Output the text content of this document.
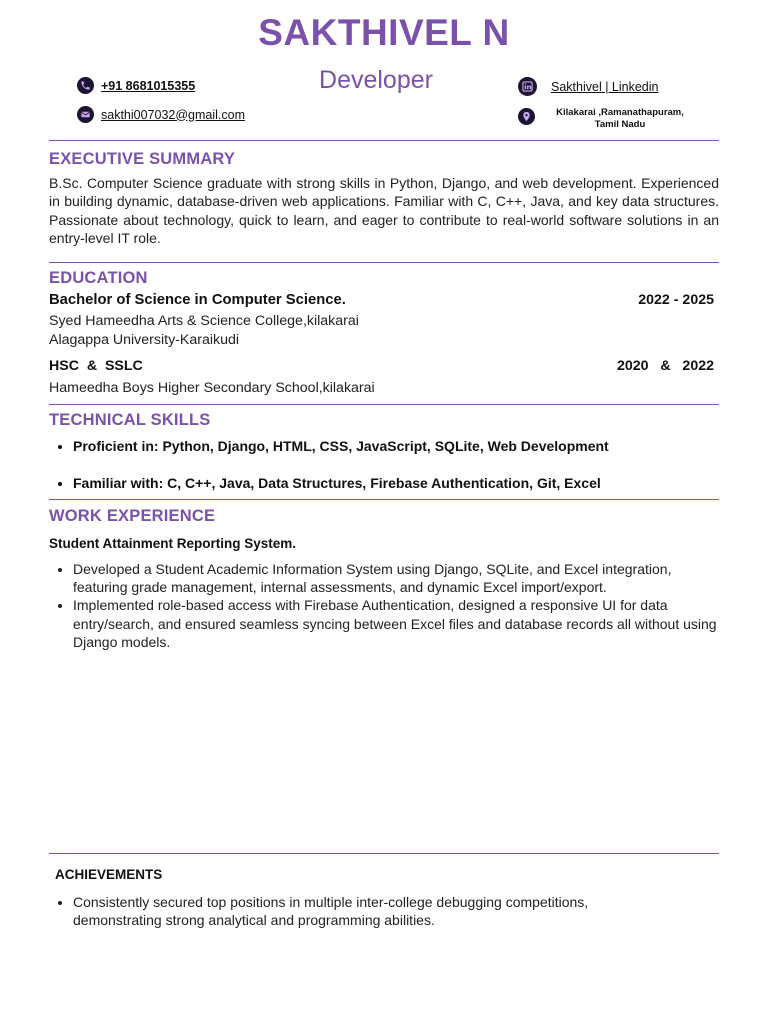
SAKTHIVEL N
Developer
+91 8681015355
sakthi007032@gmail.com
Sakthivel | Linkedin
Kilakarai ,Ramanathapuram,
Tamil Nadu
EXECUTIVE SUMMARY
B.Sc. Computer Science graduate with strong skills in Python, Django, and web development. Experienced in building dynamic, database-driven web applications. Familiar with C, C++, Java, and key data structures. Passionate about technology, quick to learn, and eager to contribute to real-world software solutions in an entry-level IT role.
EDUCATION
Bachelor of Science in Computer Science.	2022 - 2025
Syed Hameedha Arts & Science College,kilakarai
Alagappa University-Karaikudi
HSC  &  SSLC	2020   &   2022
Hameedha Boys Higher Secondary School,kilakarai
TECHNICAL SKILLS
• Proficient in: Python, Django, HTML, CSS, JavaScript, SQLite, Web Development
• Familiar with: C, C++, Java, Data Structures, Firebase Authentication, Git, Excel
WORK EXPERIENCE
Student Attainment Reporting System.
• Developed a Student Academic Information System using Django, SQLite, and Excel integration, featuring grade management, internal assessments, and dynamic Excel import/export.
• Implemented role-based access with Firebase Authentication, designed a responsive UI for data entry/search, and ensured seamless syncing between Excel files and database records all without using Django models.
ACHIEVEMENTS
• Consistently secured top positions in multiple inter-college debugging competitions, demonstrating strong analytical and programming abilities.
